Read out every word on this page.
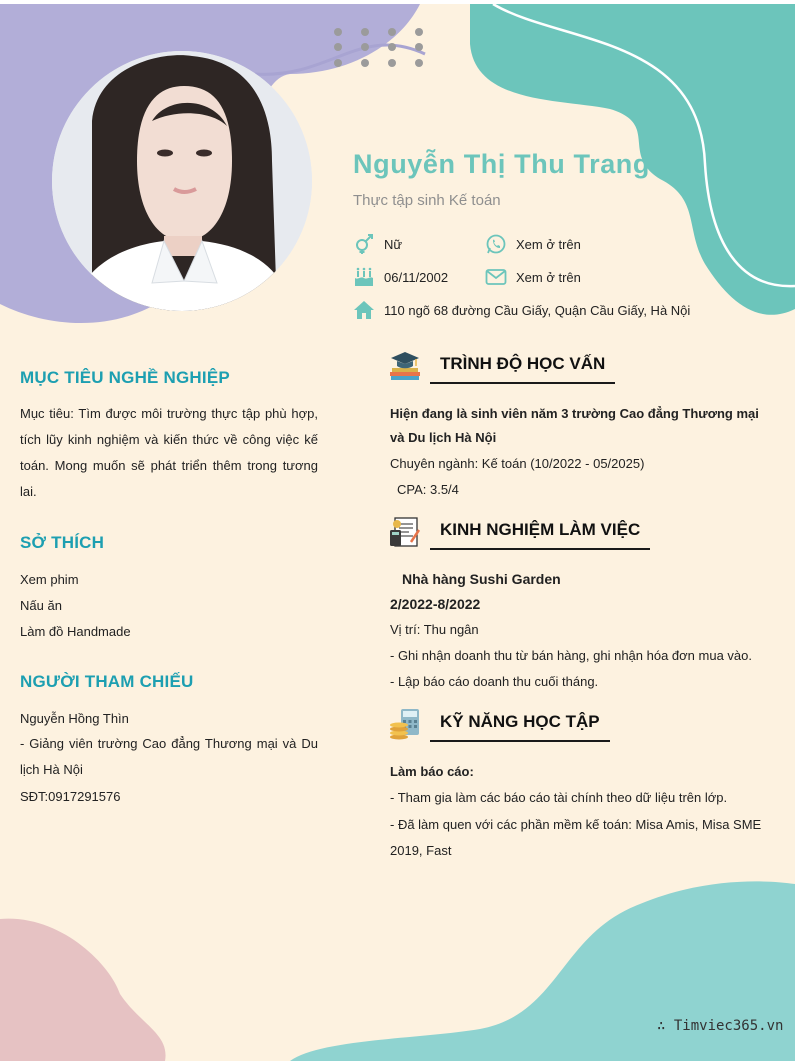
Nguyễn Thị Thu Trang
Thực tập sinh Kế toán
Nữ
06/11/2002
110 ngõ 68 đường Cầu Giấy, Quận Cầu Giấy, Hà Nội
Xem ở trên
Xem ở trên
MỤC TIÊU NGHỀ NGHIỆP
Mục tiêu: Tìm được môi trường thực tập phù hợp, tích lũy kinh nghiệm và kiến thức về công việc kế toán. Mong muốn sẽ phát triển thêm trong tương lai.
SỞ THÍCH
Xem phim
Nấu ăn
Làm đồ Handmade
NGƯỜI THAM CHIẾU
Nguyễn Hồng Thìn
- Giảng viên trường Cao đẳng Thương mại và Du lịch Hà Nội
SĐT:0917291576
TRÌNH ĐỘ HỌC VẤN
Hiện đang là sinh viên năm 3 trường Cao đẳng Thương mại và Du lịch Hà Nội
Chuyên ngành: Kế toán (10/2022 - 05/2025)
CPA: 3.5/4
KINH NGHIỆM LÀM VIỆC
Nhà hàng Sushi Garden
2/2022-8/2022
Vị trí: Thu ngân
- Ghi nhận doanh thu từ bán hàng, ghi nhận hóa đơn mua vào.
- Lập báo cáo doanh thu cuối tháng.
KỸ NĂNG HỌC TẬP
Làm báo cáo:
- Tham gia làm các báo cáo tài chính theo dữ liệu trên lớp.
- Đã làm quen với các phần mềm kế toán: Misa Amis, Misa SME 2019, Fast
∴ Timviec365.vn
